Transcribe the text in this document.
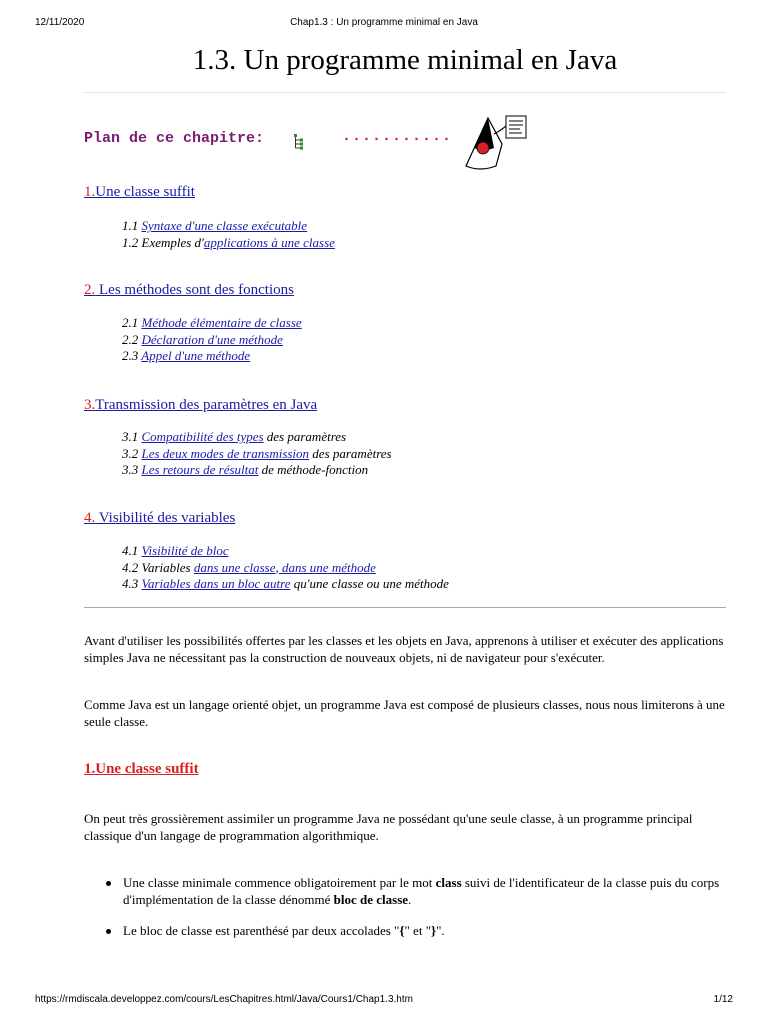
12/11/2020	Chap1.3 : Un programme minimal en Java
1.3. Un programme minimal en Java
Plan de ce chapitre:	...........
1.Une classe suffit
1.1 Syntaxe d'une classe exécutable
1.2 Exemples d'applications à une classe
2. Les méthodes sont des fonctions
2.1 Méthode élémentaire de classe
2.2 Déclaration d'une méthode
2.3 Appel d'une méthode
3.Transmission des paramètres en Java
3.1 Compatibilité des types des paramètres
3.2 Les deux modes de transmission des paramètres
3.3 Les retours de résultat de méthode-fonction
4. Visibilité des variables
4.1 Visibilité de bloc
4.2 Variables dans une classe, dans une méthode
4.3 Variables dans un bloc autre qu'une classe ou une méthode

Avant d'utiliser les possibilités offertes par les classes et les objets en Java, apprenons à utiliser et exécuter des applications simples Java ne nécessitant pas la construction de nouveaux objets, ni de navigateur pour s'exécuter.

Comme Java est un langage orienté objet, un programme Java est composé de plusieurs classes, nous nous limiterons à une seule classe.

1.Une classe suffit

On peut très grossièrement assimiler un programme Java ne possédant qu'une seule classe, à un programme principal classique d'un langage de programmation algorithmique.

Une classe minimale commence obligatoirement par le mot class suivi de l'identificateur de la classe puis du corps d'implémentation de la classe dénommé bloc de classe.
Le bloc de classe est parenthésé par deux accolades "{" et "}".
https://rmdiscala.developpez.com/cours/LesChapitres.html/Java/Cours1/Chap1.3.htm	1/12
